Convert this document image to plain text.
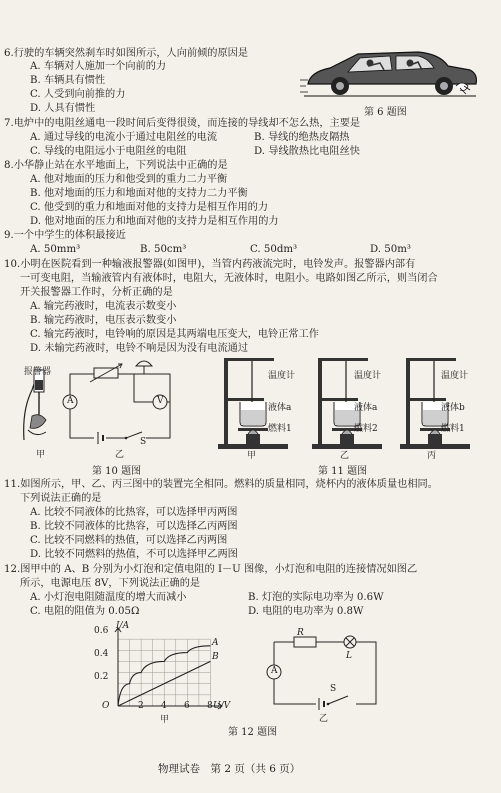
6.行驶的车辆突然刹车时如图所示，人向前倾的原因是
A. 车辆对人施加一个向前的力
B. 车辆具有惯性
C. 人受到向前推的力
D. 人具有惯性	第 6 题图
7.电炉中的电阻丝通电一段时间后变得很烫，而连接的导线却不怎么热，主要是
A. 通过导线的电流小于通过电阻丝的电流	B. 导线的绝热皮隔热
C. 导线的电阻远小于电阻丝的电阻	D. 导线散热比电阻丝快
8.小华静止站在水平地面上，下列说法中正确的是
A. 他对地面的压力和他受到的重力二力平衡
B. 他对地面的压力和地面对他的支持力二力平衡
C. 他受到的重力和地面对他的支持力是相互作用的力
D. 他对地面的压力和地面对他的支持力是相互作用的力
9.一个中学生的体积最接近
A. 50mm³	B. 50cm³	C. 50dm³	D. 50m³
10.小明在医院看到一种输液报警器(如图甲)，当管内药液流完时，电铃发声。报警器内部有
一可变电阻，当输液管内有液体时，电阻大，无液体时，电阻小。电路如图乙所示，则当闭合
开关报警器工作时，分析正确的是
A. 输完药液时，电流表示数变小
B. 输完药液时，电压表示数变小
C. 输完药液时，电铃响的原因是其两端电压变大，电铃正常工作
D. 未输完药液时，电铃不响是因为没有电流通过
报警器
甲
A	V
S
乙
第 10 题图
温度计
液体a
燃料1
甲
温度计
液体a
燃料2
乙
温度计
液体b
燃料1
丙
第 11 题图
11.如图所示，甲、乙、丙三图中的装置完全相同。燃料的质量相同，烧杯内的液体质量也相同。
下列说法正确的是
A. 比较不同液体的比热容，可以选择甲丙两图
B. 比较不同液体的比热容，可以选择乙丙两图
C. 比较不同燃料的热值，可以选择乙丙两图
D. 比较不同燃料的热值，不可以选择甲乙两图
12.图甲中的 A、B 分别为小灯泡和定值电阻的 I－U 图像，小灯泡和电阻的连接情况如图乙
所示，电源电压 8V，下列说法正确的是
A. 小灯泡电阻随温度的增大而减小	B. 灯泡的实际电功率为 0.6W
C. 电阻的阻值为 0.05Ω	D. 电阻的电功率为 0.8W
I/A
U/V
O
0.6
0.4
0.2
2 4 6 8
A
B
甲
R
L
A
S
乙
第 12 题图
物理试卷　第 2 页（共 6 页）
